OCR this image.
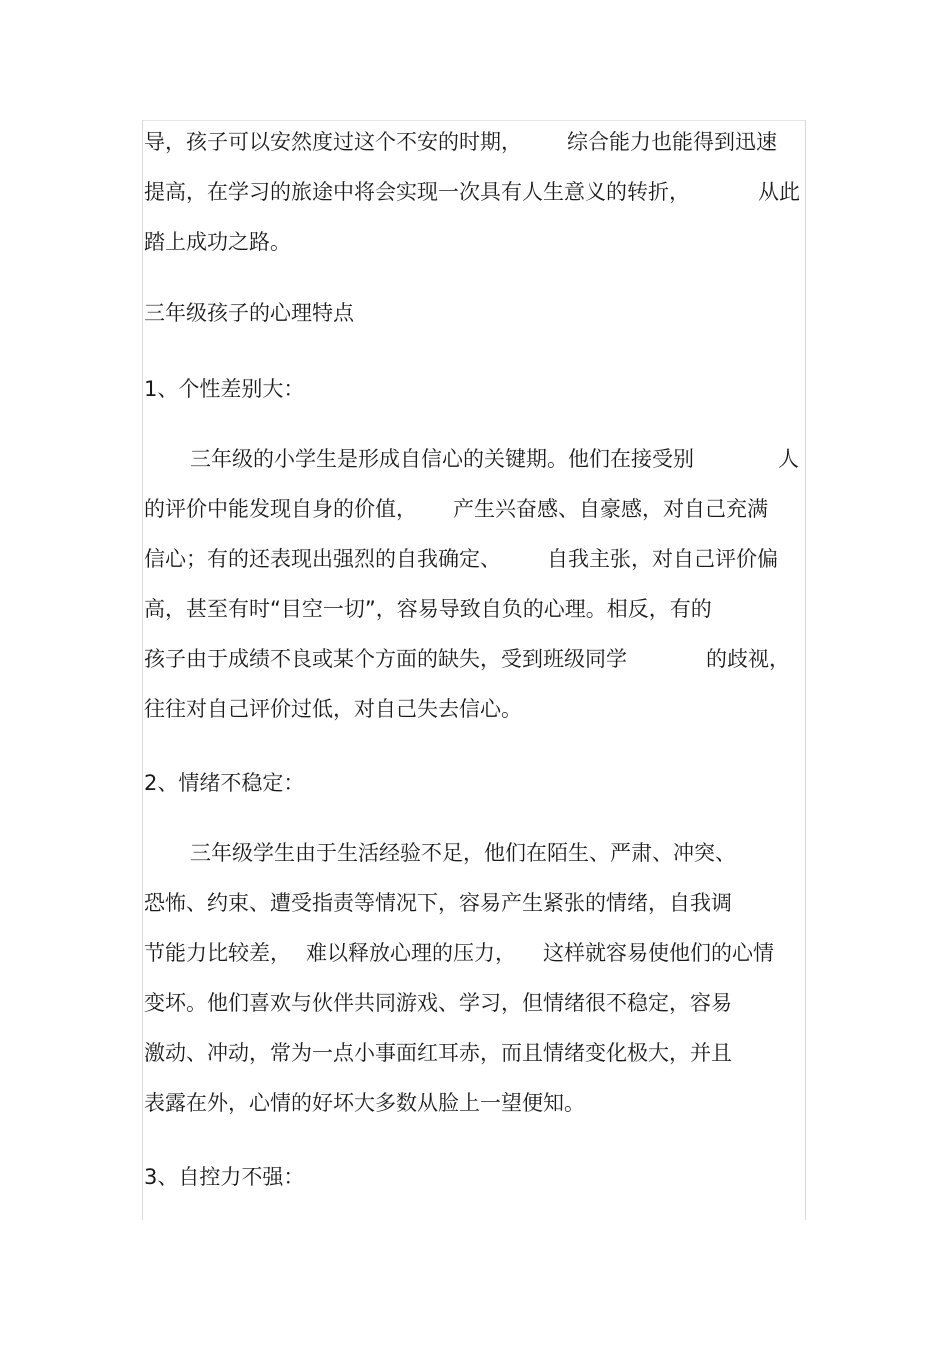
导，孩子可以安然度过这个不安的时期， 综合能力也能得到迅速
提高，在学习的旅途中将会实现一次具有人生意义的转折，	从此
踏上成功之路。
三年级孩子的心理特点
1、个性差别大：
三年级的小学生是形成自信心的关键期。他们在接受别	人
的评价中能发现自身的价值， 产生兴奋感、自豪感，对自己充满
信心；有的还表现出强烈的自我确定、 自我主张，对自己评价偏
高，甚至有时“目空一切”，容易导致自负的心理。相反，有的
孩子由于成绩不良或某个方面的缺失，受到班级同学	的歧视，
往往对自己评价过低，对自己失去信心。
2、情绪不稳定：
三年级学生由于生活经验不足，他们在陌生、严肃、冲突、
恐怖、约束、遭受指责等情况下，容易产生紧张的情绪，自我调
节能力比较差， 难以释放心理的压力， 这样就容易使他们的心情
变坏。他们喜欢与伙伴共同游戏、学习，但情绪很不稳定，容易
激动、冲动，常为一点小事面红耳赤，而且情绪变化极大，并且
表露在外，心情的好坏大多数从脸上一望便知。
3、自控力不强：
